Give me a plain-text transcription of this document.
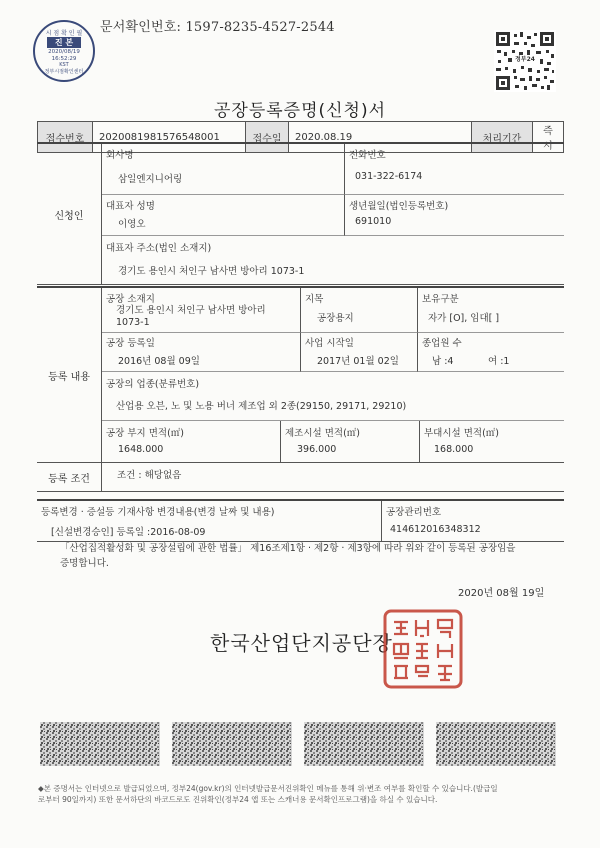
문서확인번호: 1597-8235-4527-2544
시 점 확 인 필
진 본
2020/08/19
16:52:29
KST
정부시점확인센터
정부24
공장등록증명(신청)서
접수번호	2020081981576548001	접수일	2020.08.19	처리기간	즉시
신청인
회사명
삼일엔지니어링
전화번호
031-322-6174
대표자 성명
이영오
생년월일(법인등록번호)
691010
대표자 주소(법인 소재지)
경기도 용인시 처인구 남사면 방아리 1073-1
등록 내용
공장 소재지
경기도 용인시 처인구 남사면 방아리 1073-1
지목
공장용지
보유구분
자가 [O], 임대[ ]
공장 등록일
2016년 08월 09일
사업 시작일
2017년 01월 02일
종업원 수
남 :4	여 :1
공장의 업종(분류번호)
산업용 오븐, 노 및 노용 버너 제조업 외 2종(29150, 29171, 29210)
공장 부지 면적(㎡)
1648.000
제조시설 면적(㎡)
396.000
부대시설 면적(㎡)
168.000
등록 조건	조건 : 해당없음
등록변경 · 증설등 기재사항 변경내용(변경 날짜 및 내용)
[신설변경승인] 등록일 :2016-08-09
공장관리번호
414612016348312
「산업집적활성화 및 공장설립에 관한 법률」 제16조제1항 · 제2항 · 제3항에 따라 위와 같이 등록된 공장임을
증명합니다.
2020년 08월 19일
한국산업단지공단장
◆본 증명서는 인터넷으로 발급되었으며, 정부24(gov.kr)의 인터넷발급문서진위확인 메뉴를 통해 위·변조 여부를 확인할 수 있습니다.(발급일
로부터 90일까지) 또한 문서하단의 바코드로도 진위확인(정부24 앱 또는 스캐너용 문서확인프로그램)을 하실 수 있습니다.
